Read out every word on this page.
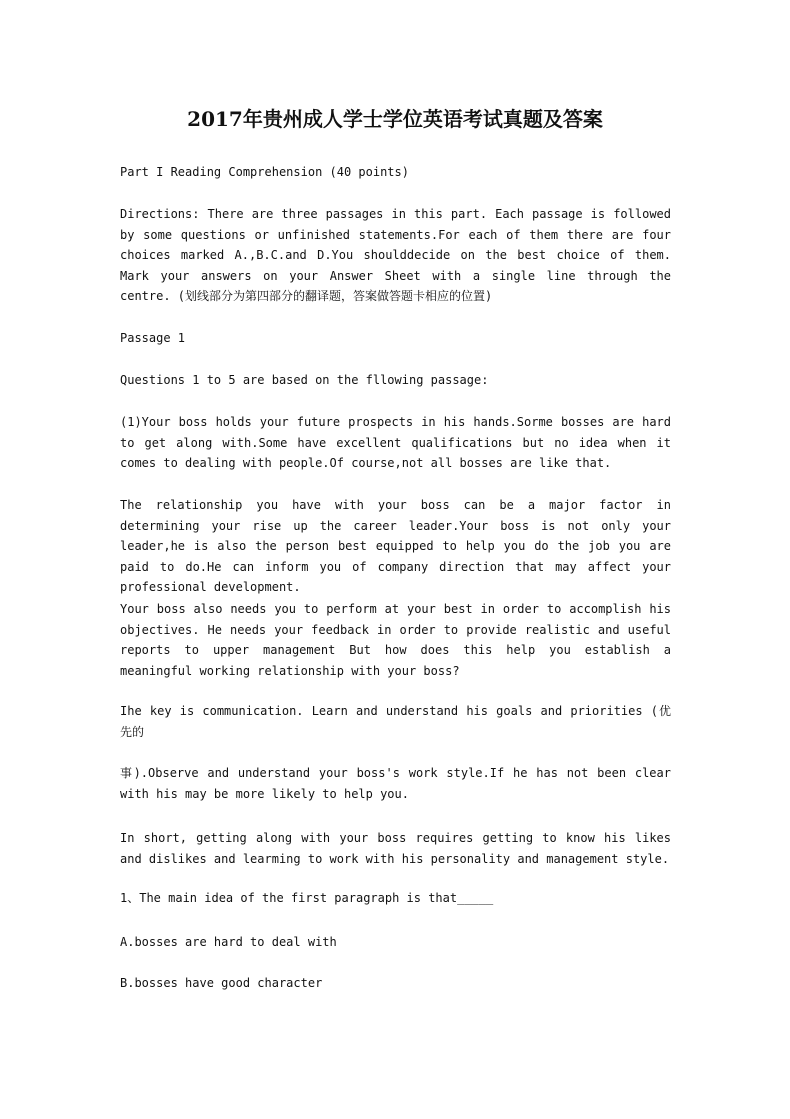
2017年贵州成人学士学位英语考试真题及答案

Part I Reading Comprehension (40 points)

Directions: There are three passages in this part. Each passage is followed by some questions or unfinished statements.For each of them there are four choices marked A.,B.C.and D.You shoulddecide on the best choice of them. Mark your answers on your Answer Sheet with a single line through the centre. (划线部分为第四部分的翻译题，答案做答题卡相应的位置)

Passage 1

Questions 1 to 5 are based on the fllowing passage:

(1)Your boss holds your future prospects in his hands.Sorme bosses are hard to get along with.Some have excellent qualifications but no idea when it comes to dealing with people.Of course,not all bosses are like that.

The relationship you have with your boss can be a major factor in determining your rise up the career leader.Your boss is not only your leader,he is also the person best equipped to help you do the job you are paid to do.He can inform you of company direction that may affect your professional development.

Your boss also needs you to perform at your best in order to accomplish his objectives. He needs your feedback in order to provide realistic and useful reports to upper management But how does this help you establish a meaningful working relationship with your boss?

Ihe key is communication. Learn and understand his goals and priorities (优先的

事).Observe and understand your boss's work style.If he has not been clear with his may be more likely to help you.

In short, getting along with your boss requires getting to know his likes and dislikes and learming to work with his personality and management style.

1、The main idea of the first paragraph is that_____

A.bosses are hard to deal with

B.bosses have good character
